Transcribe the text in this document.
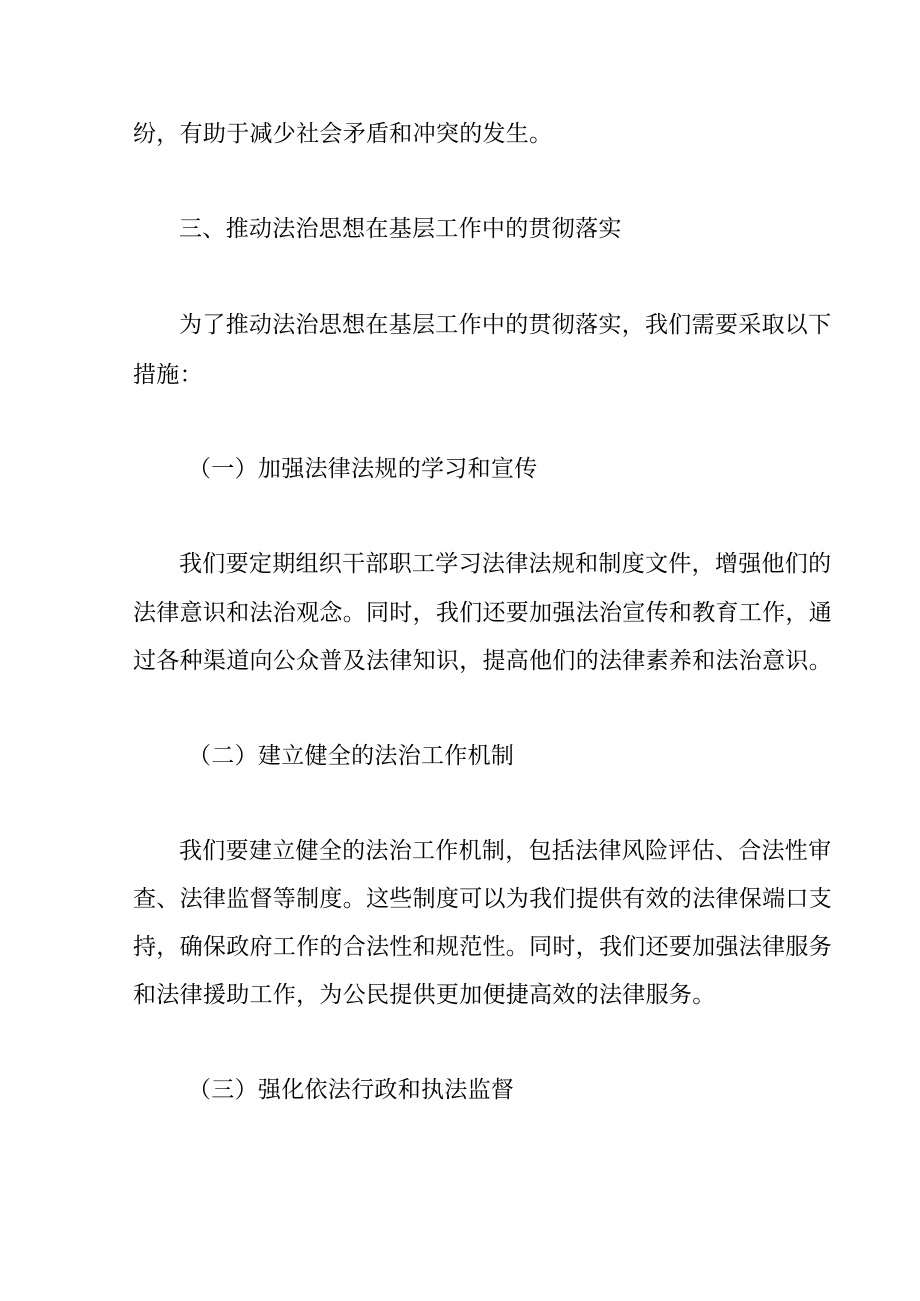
纷，有助于减少社会矛盾和冲突的发生。
三、推动法治思想在基层工作中的贯彻落实
为了推动法治思想在基层工作中的贯彻落实，我们需要采取以下
措施：
（一）加强法律法规的学习和宣传
我们要定期组织干部职工学习法律法规和制度文件，增强他们的
法律意识和法治观念。同时，我们还要加强法治宣传和教育工作，通
过各种渠道向公众普及法律知识，提高他们的法律素养和法治意识。
（二）建立健全的法治工作机制
我们要建立健全的法治工作机制，包括法律风险评估、合法性审
查、法律监督等制度。这些制度可以为我们提供有效的法律保端口支
持，确保政府工作的合法性和规范性。同时，我们还要加强法律服务
和法律援助工作，为公民提供更加便捷高效的法律服务。
（三）强化依法行政和执法监督
